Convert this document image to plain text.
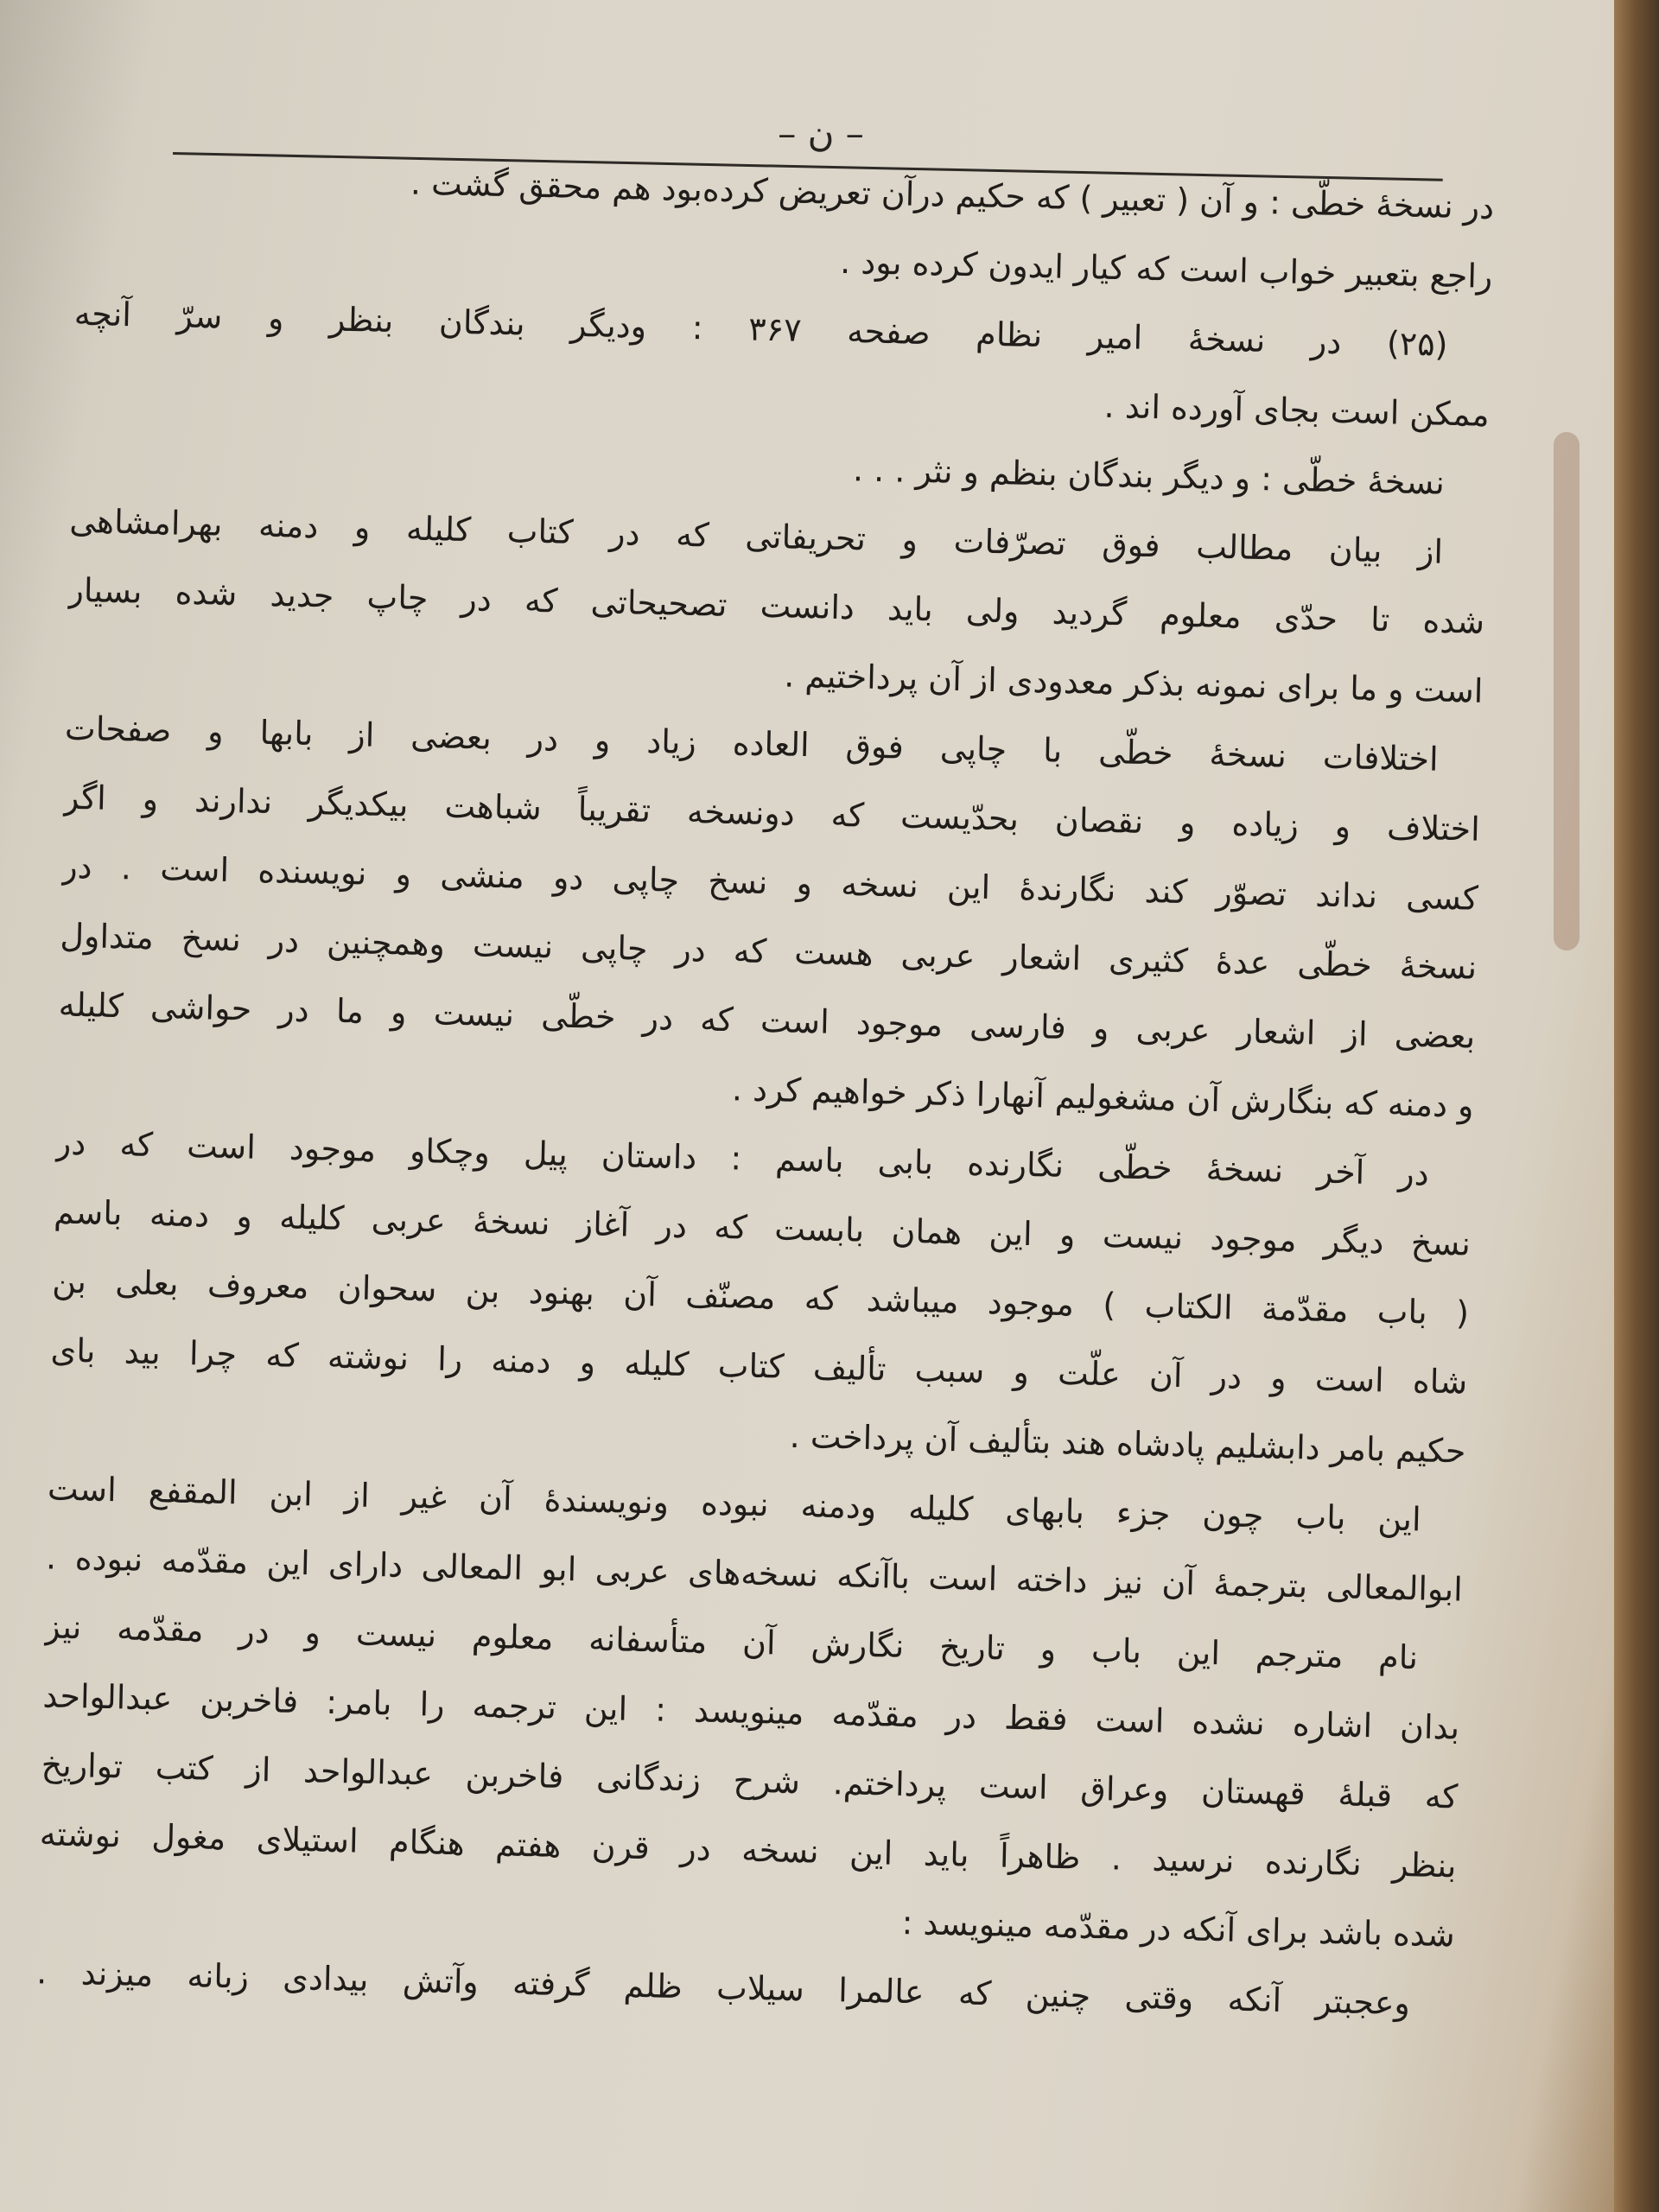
– ن –
در نسخهٔ خطّی : و آن ( تعبیر ) که حکیم درآن تعریض کرده‌بود هم محقق گشت .
راجع بتعبیر خواب است که کیار ایدون کرده بود .
(۲۵) در نسخهٔ امیر نظام صفحه ۳۶۷ : ودیگر بندگان بنظر و سرّ آنچه
ممکن است بجای آورده اند .
نسخهٔ خطّی : و دیگر بندگان بنظم و نثر . . .
از بیان مطالب فوق تصرّفات و تحریفاتی که در کتاب کلیله و دمنه بهرامشاهی
شده تا حدّی معلوم گردید ولی باید دانست تصحیحاتی که در چاپ جدید شده بسیار
است و ما برای نمونه بذکر معدودی از آن پرداختیم .
اختلافات نسخهٔ خطّی با چاپی فوق العاده زیاد و در بعضی از بابها و صفحات
اختلاف و زیاده و نقصان بحدّیست که دونسخه تقریباً شباهت بیکدیگر ندارند و اگر
کسی نداند تصوّر کند نگارندهٔ این نسخه و نسخ چاپی دو منشی و نویسنده است . در
نسخهٔ خطّی عدهٔ کثیری اشعار عربی هست که در چاپی نیست وهمچنین در نسخ متداول
بعضی از اشعار عربی و فارسی موجود است که در خطّی نیست و ما در حواشی کلیله
و دمنه که بنگارش آن مشغولیم آنهارا ذکر خواهیم کرد .
در آخر نسخهٔ خطّی نگارنده بابی باسم : داستان پیل وچکاو موجود است که در
نسخ دیگر موجود نیست و این همان بابست که در آغاز نسخهٔ عربی کلیله و دمنه باسم
( باب مقدّمة الکتاب ) موجود میباشد که مصنّف آن بهنود بن سحوان معروف بعلی بن
شاه است و در آن علّت و سبب تألیف کتاب کلیله و دمنه را نوشته که چرا بید بای
حکیم بامر دابشلیم پادشاه هند بتألیف آن پرداخت .
این باب چون جزء بابهای کلیله ودمنه نبوده ونویسندهٔ آن غیر از ابن المقفع است
ابوالمعالی بترجمهٔ آن نیز داخته است باآنکه نسخه‌های عربی ابو المعالی دارای این مقدّمه نبوده .
نام مترجم این باب و تاریخ نگارش آن متأسفانه معلوم نیست و در مقدّمه نیز
بدان اشاره نشده است فقط در مقدّمه مینویسد : این ترجمه را بامر: فاخربن عبدالواحد
که قبلهٔ قهستان وعراق است پرداختم. شرح زندگانی فاخربن عبدالواحد از کتب تواریخ
بنظر نگارنده نرسید . ظاهراً باید این نسخه در قرن هفتم هنگام استیلای مغول نوشته
شده باشد برای آنکه در مقدّمه مینویسد :
وعجبتر آنکه وقتی چنین که عالمرا سیلاب ظلم گرفته وآتش بیدادی زبانه میزند .
